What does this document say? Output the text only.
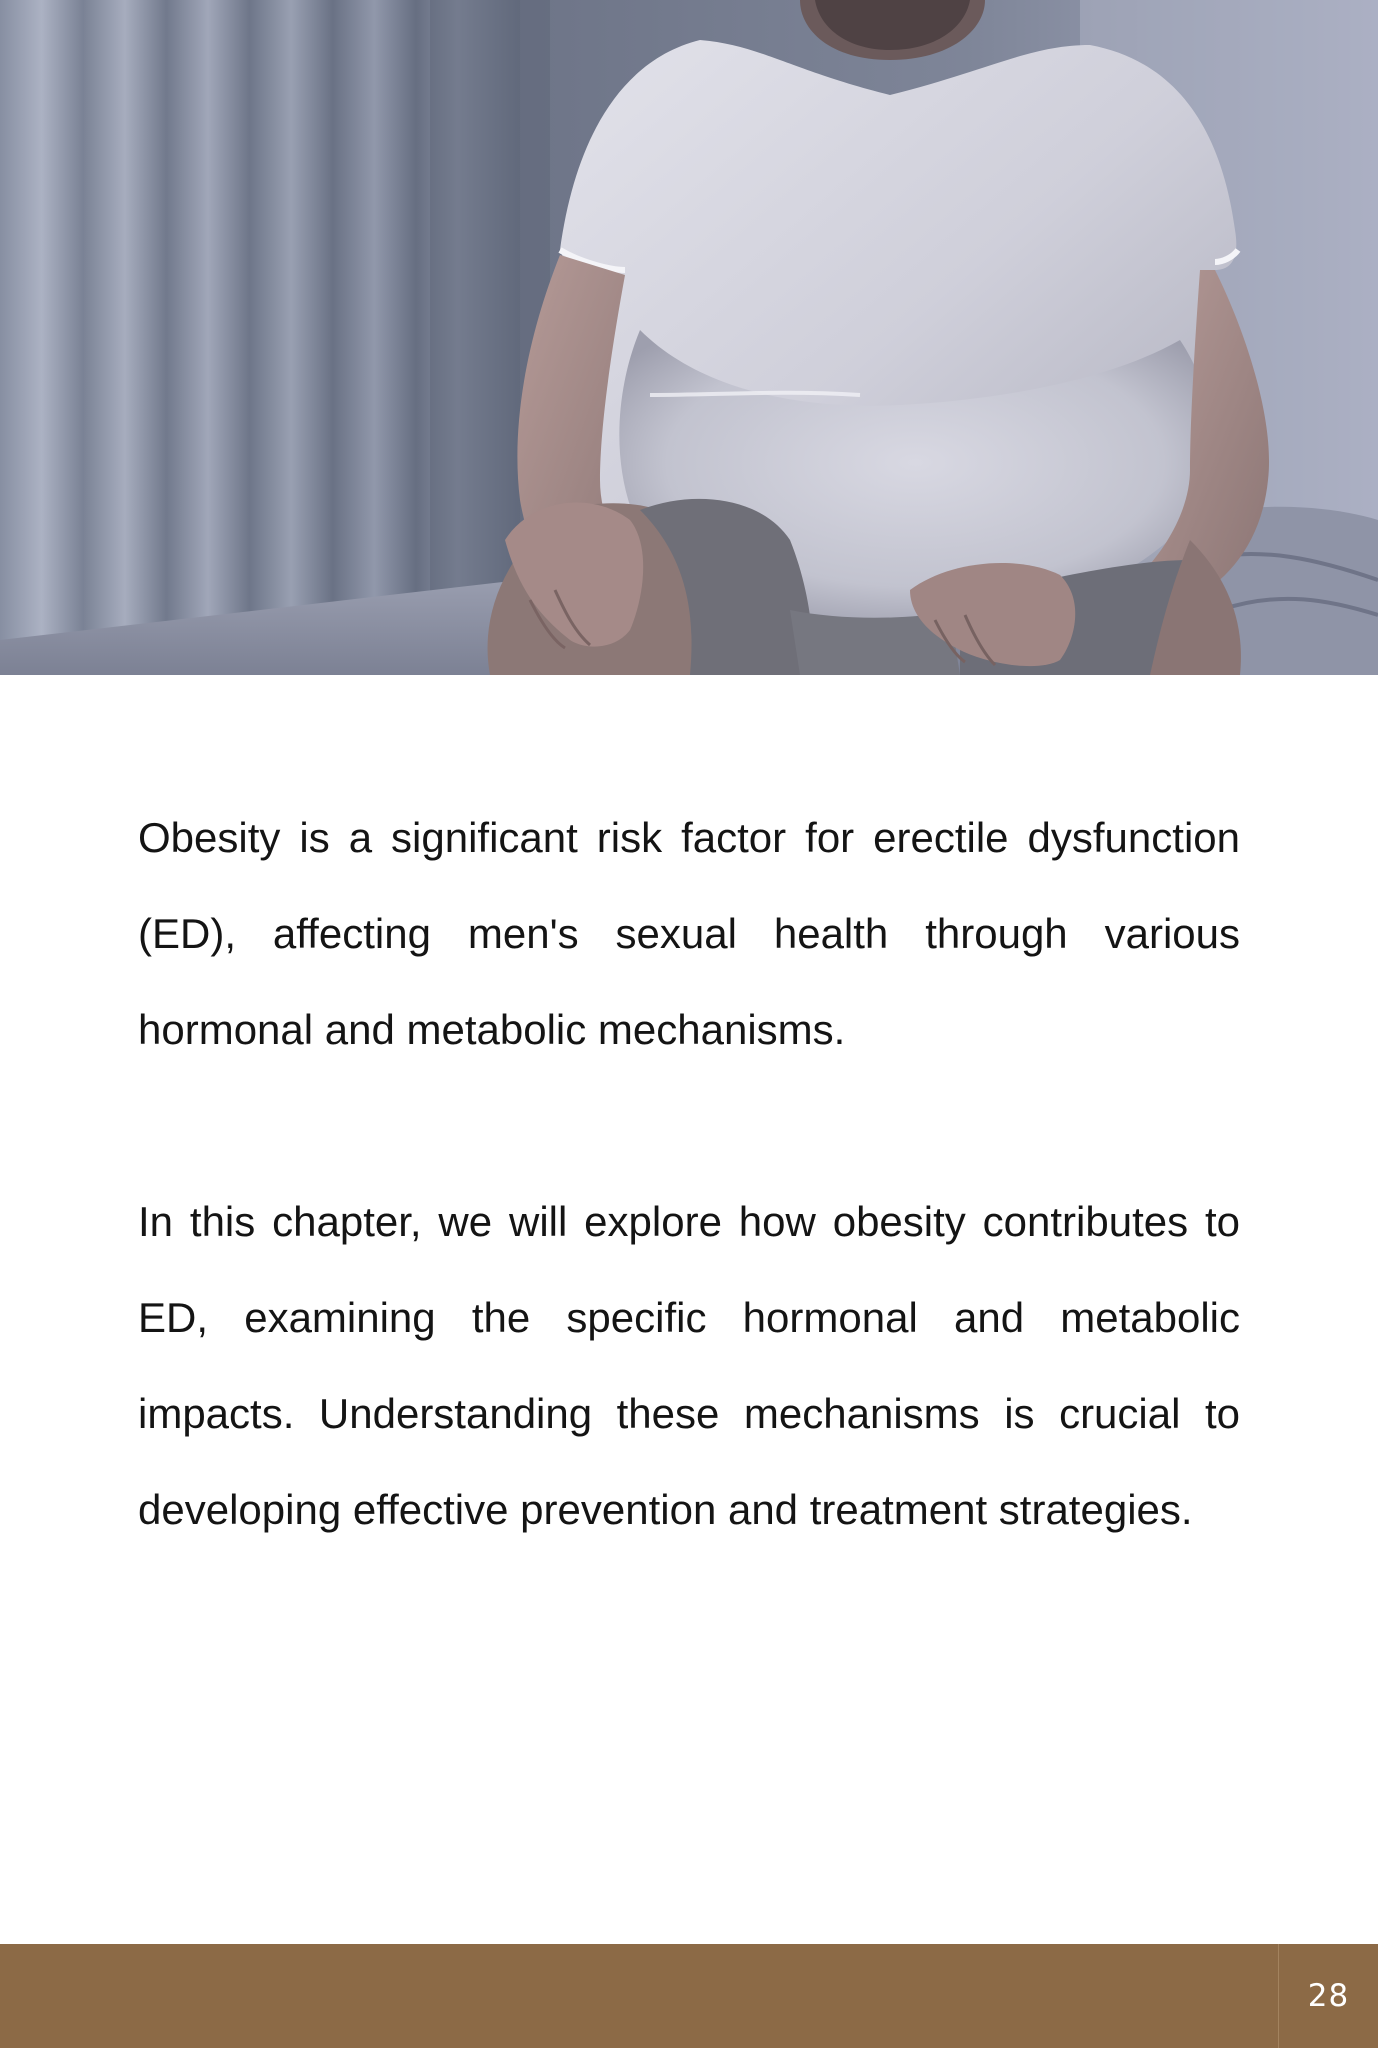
Obesity is a significant risk factor for erectile dysfunction (ED), affecting men's sexual health through various hormonal and metabolic mechanisms.

In this chapter, we will explore how obesity contributes to ED, examining the specific hormonal and metabolic impacts. Understanding these mechanisms is crucial to developing effective prevention and treatment strategies.

28
